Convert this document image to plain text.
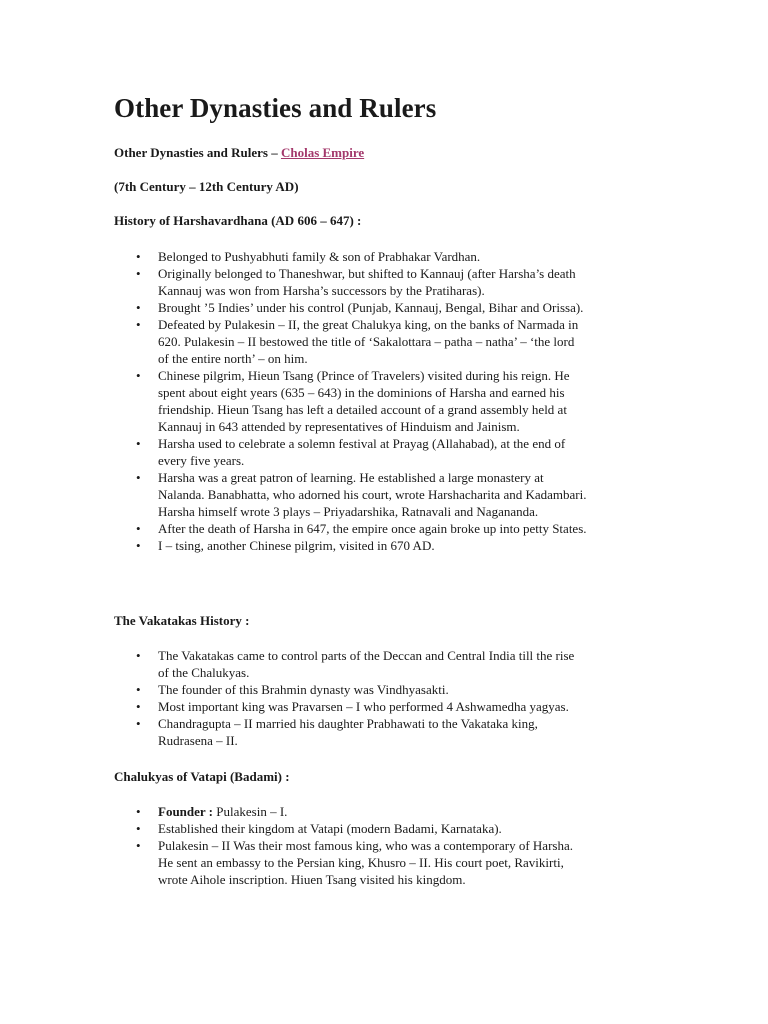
Other Dynasties and Rulers

Other Dynasties and Rulers – Cholas Empire

(7th Century – 12th Century AD)

History of Harshavardhana (AD 606 – 647) :

• Belonged to Pushyabhuti family & son of Prabhakar Vardhan.
• Originally belonged to Thaneshwar, but shifted to Kannauj (after Harsha’s death
Kannauj was won from Harsha’s successors by the Pratiharas).
• Brought ’5 Indies’ under his control (Punjab, Kannauj, Bengal, Bihar and Orissa).
• Defeated by Pulakesin – II, the great Chalukya king, on the banks of Narmada in
620. Pulakesin – II bestowed the title of ‘Sakalottara – patha – natha’ – ‘the lord
of the entire north’ – on him.
• Chinese pilgrim, Hieun Tsang (Prince of Travelers) visited during his reign. He
spent about eight years (635 – 643) in the dominions of Harsha and earned his
friendship. Hieun Tsang has left a detailed account of a grand assembly held at
Kannauj in 643 attended by representatives of Hinduism and Jainism.
• Harsha used to celebrate a solemn festival at Prayag (Allahabad), at the end of
every five years.
• Harsha was a great patron of learning. He established a large monastery at
Nalanda. Banabhatta, who adorned his court, wrote Harshacharita and Kadambari.
Harsha himself wrote 3 plays – Priyadarshika, Ratnavali and Nagananda.
• After the death of Harsha in 647, the empire once again broke up into petty States.
• I – tsing, another Chinese pilgrim, visited in 670 AD.

The Vakatakas History :

• The Vakatakas came to control parts of the Deccan and Central India till the rise
of the Chalukyas.
• The founder of this Brahmin dynasty was Vindhyasakti.
• Most important king was Pravarsen – I who performed 4 Ashwamedha yagyas.
• Chandragupta – II married his daughter Prabhawati to the Vakataka king,
Rudrasena – II.

Chalukyas of Vatapi (Badami) :

• Founder : Pulakesin – I.
• Established their kingdom at Vatapi (modern Badami, Karnataka).
• Pulakesin – II Was their most famous king, who was a contemporary of Harsha.
He sent an embassy to the Persian king, Khusro – II. His court poet, Ravikirti,
wrote Aihole inscription. Hiuen Tsang visited his kingdom.
